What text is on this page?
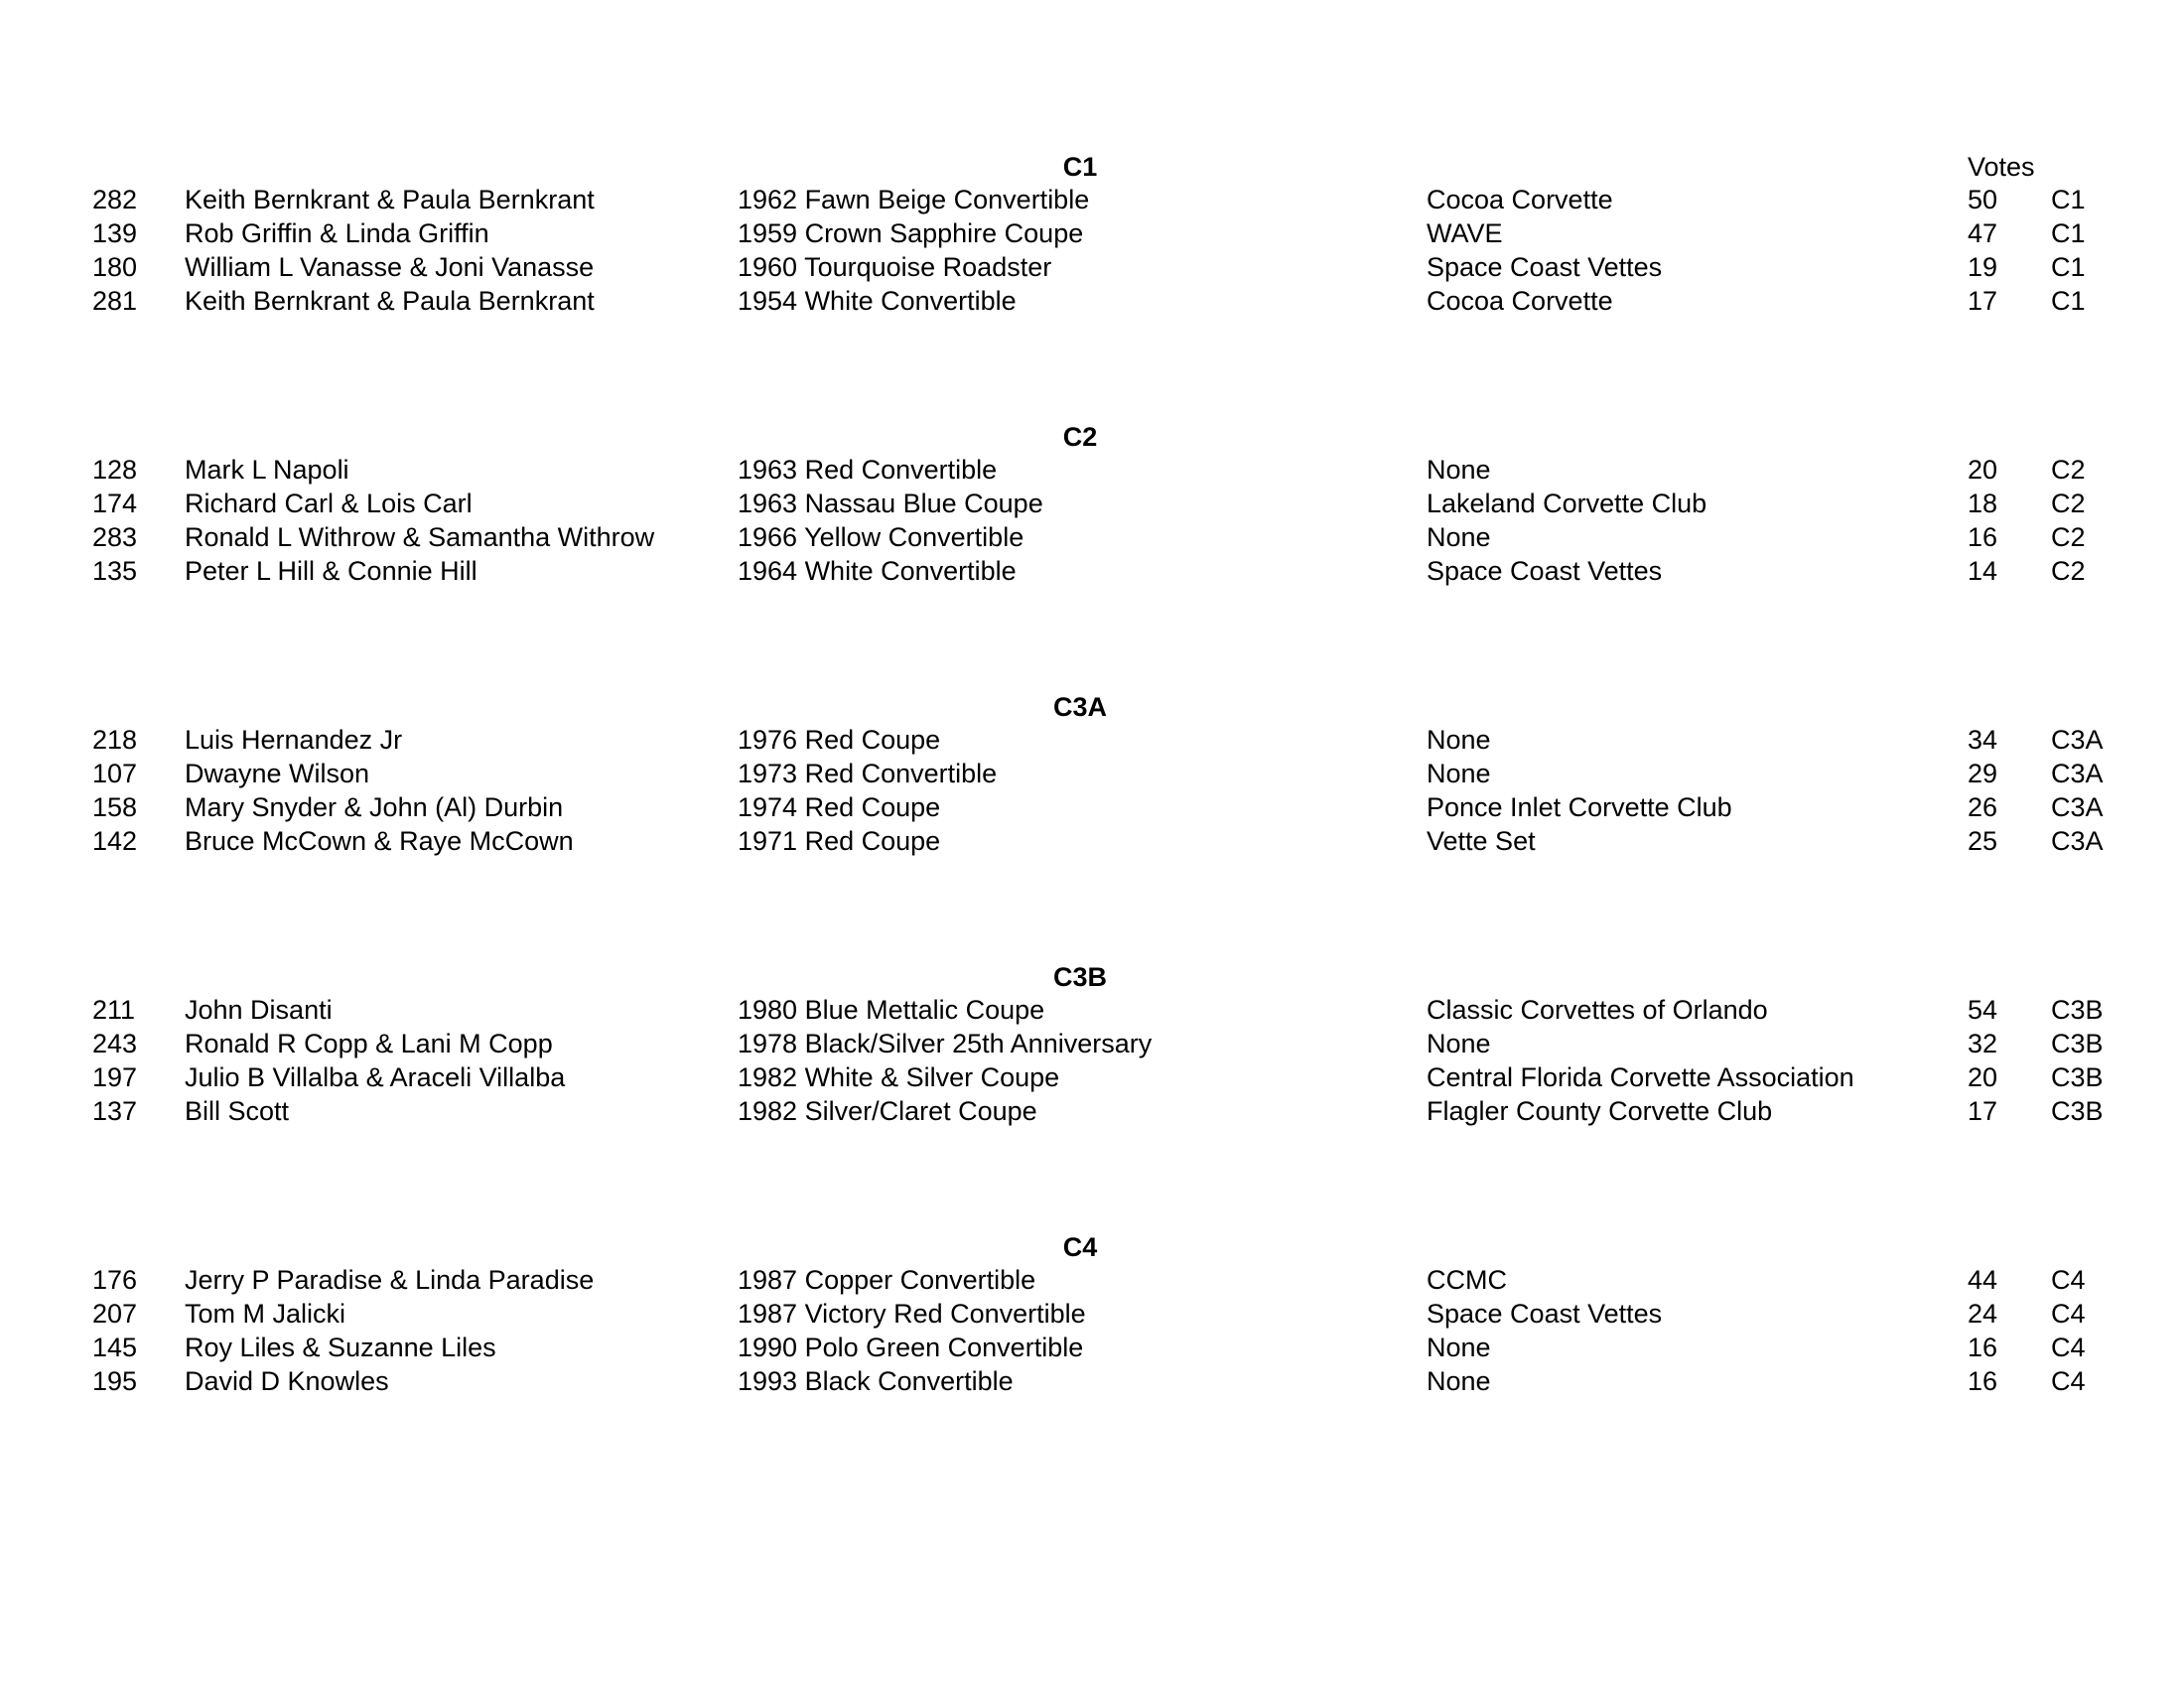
Votes
C1
282 Keith Bernkrant & Paula Bernkrant	1962 Fawn Beige Convertible	Cocoa Corvette	50 C1
139 Rob Griffin & Linda Griffin	1959 Crown Sapphire Coupe	WAVE	47 C1
180 William L Vanasse & Joni Vanasse	1960 Tourquoise Roadster	Space Coast Vettes	19 C1
281 Keith Bernkrant & Paula Bernkrant	1954 White Convertible	Cocoa Corvette	17 C1
C2
128 Mark L Napoli	1963 Red Convertible	None	20 C2
174 Richard Carl & Lois Carl	1963 Nassau Blue Coupe	Lakeland Corvette Club	18 C2
283 Ronald L Withrow & Samantha Withrow	1966 Yellow Convertible	None	16 C2
135 Peter L Hill & Connie Hill	1964 White Convertible	Space Coast Vettes	14 C2
C3A
218 Luis Hernandez Jr	1976 Red Coupe	None	34 C3A
107 Dwayne Wilson	1973 Red Convertible	None	29 C3A
158 Mary Snyder & John (Al) Durbin	1974 Red Coupe	Ponce Inlet Corvette Club	26 C3A
142 Bruce McCown & Raye McCown	1971 Red Coupe	Vette Set	25 C3A
C3B
211 John Disanti	1980 Blue Mettalic Coupe	Classic Corvettes of Orlando	54 C3B
243 Ronald R Copp & Lani M Copp	1978 Black/Silver 25th Anniversary	None	32 C3B
197 Julio B Villalba & Araceli Villalba	1982 White & Silver Coupe	Central Florida Corvette Association	20 C3B
137 Bill Scott	1982 Silver/Claret Coupe	Flagler County Corvette Club	17 C3B
C4
176 Jerry P Paradise & Linda Paradise	1987 Copper Convertible	CCMC	44 C4
207 Tom M Jalicki	1987 Victory Red Convertible	Space Coast Vettes	24 C4
145 Roy Liles & Suzanne Liles	1990 Polo Green Convertible	None	16 C4
195 David D Knowles	1993 Black Convertible	None	16 C4
